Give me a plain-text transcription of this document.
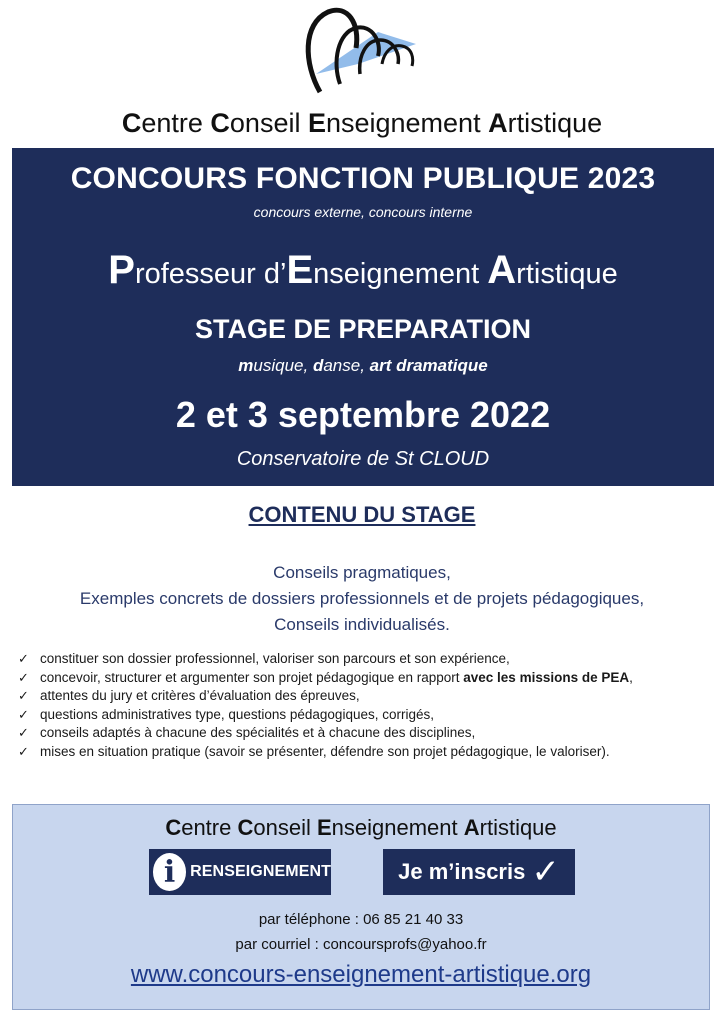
Centre Conseil Enseignement Artistique
CONCOURS FONCTION PUBLIQUE 2023
concours externe, concours interne
Professeur d’Enseignement Artistique
STAGE DE PREPARATION
musique, danse, art dramatique
2 et 3 septembre 2022
Conservatoire de St CLOUD
CONTENU DU STAGE
Conseils pragmatiques,
Exemples concrets de dossiers professionnels et de projets pédagogiques,
Conseils individualisés.
✓ constituer son dossier professionnel, valoriser son parcours et son expérience,
✓ concevoir, structurer et argumenter son projet pédagogique en rapport avec les missions de PEA,
✓ attentes du jury et critères d’évaluation des épreuves,
✓ questions administratives type, questions pédagogiques, corrigés,
✓ conseils adaptés à chacune des spécialités et à chacune des disciplines,
✓ mises en situation pratique (savoir se présenter, défendre son projet pédagogique, le valoriser).
Centre Conseil Enseignement Artistique
i RENSEIGNEMENT	Je m’inscris ✓
par téléphone : 06 85 21 40 33
par courriel : concoursprofs@yahoo.fr
www.concours-enseignement-artistique.org
